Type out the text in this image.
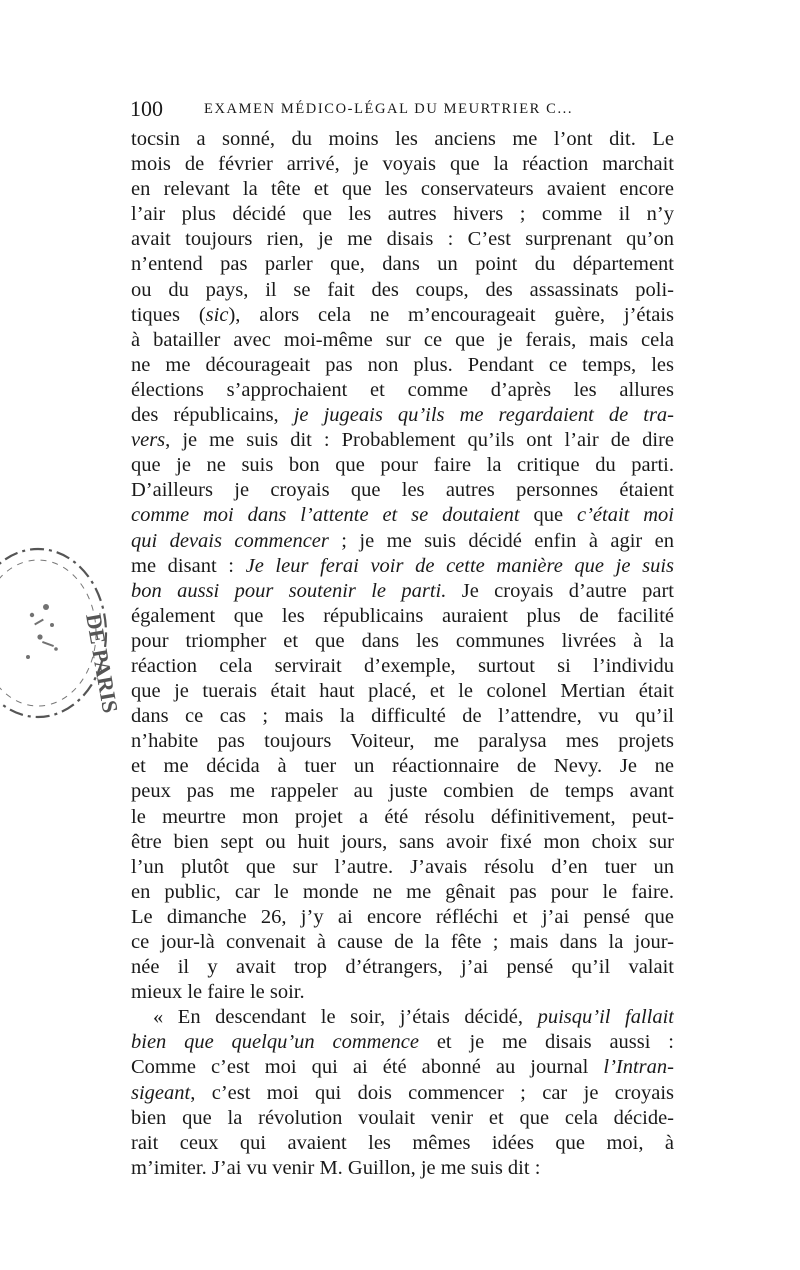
100	EXAMEN MÉDICO-LÉGAL DU MEURTRIER C...
DE PARIS
tocsin a sonné, du moins les anciens me l’ont dit. Le
mois de février arrivé, je voyais que la réaction marchait
en relevant la tête et que les conservateurs avaient encore
l’air plus décidé que les autres hivers ; comme il n’y
avait toujours rien, je me disais : C’est surprenant qu’on
n’entend pas parler que, dans un point du département
ou du pays, il se fait des coups, des assassinats poli-
tiques (sic), alors cela ne m’encourageait guère, j’étais
à batailler avec moi-même sur ce que je ferais, mais cela
ne me décourageait pas non plus. Pendant ce temps, les
élections s’approchaient et comme d’après les allures
des républicains, je jugeais qu’ils me regardaient de tra-
vers, je me suis dit : Probablement qu’ils ont l’air de dire
que je ne suis bon que pour faire la critique du parti.
D’ailleurs je croyais que les autres personnes étaient
comme moi dans l’attente et se doutaient que c’était moi
qui devais commencer ; je me suis décidé enfin à agir en
me disant : Je leur ferai voir de cette manière que je suis
bon aussi pour soutenir le parti. Je croyais d’autre part
également que les républicains auraient plus de facilité
pour triompher et que dans les communes livrées à la
réaction cela servirait d’exemple, surtout si l’individu
que je tuerais était haut placé, et le colonel Mertian était
dans ce cas ; mais la difficulté de l’attendre, vu qu’il
n’habite pas toujours Voiteur, me paralysa mes projets
et me décida à tuer un réactionnaire de Nevy. Je ne
peux pas me rappeler au juste combien de temps avant
le meurtre mon projet a été résolu définitivement, peut-
être bien sept ou huit jours, sans avoir fixé mon choix sur
l’un plutôt que sur l’autre. J’avais résolu d’en tuer un
en public, car le monde ne me gênait pas pour le faire.
Le dimanche 26, j’y ai encore réfléchi et j’ai pensé que
ce jour-là convenait à cause de la fête ; mais dans la jour-
née il y avait trop d’étrangers, j’ai pensé qu’il valait
mieux le faire le soir.
« En descendant le soir, j’étais décidé, puisqu’il fallait
bien que quelqu’un commence et je me disais aussi :
Comme c’est moi qui ai été abonné au journal l’Intran-
sigeant, c’est moi qui dois commencer ; car je croyais
bien que la révolution voulait venir et que cela décide-
rait ceux qui avaient les mêmes idées que moi, à
m’imiter. J’ai vu venir M. Guillon, je me suis dit :
